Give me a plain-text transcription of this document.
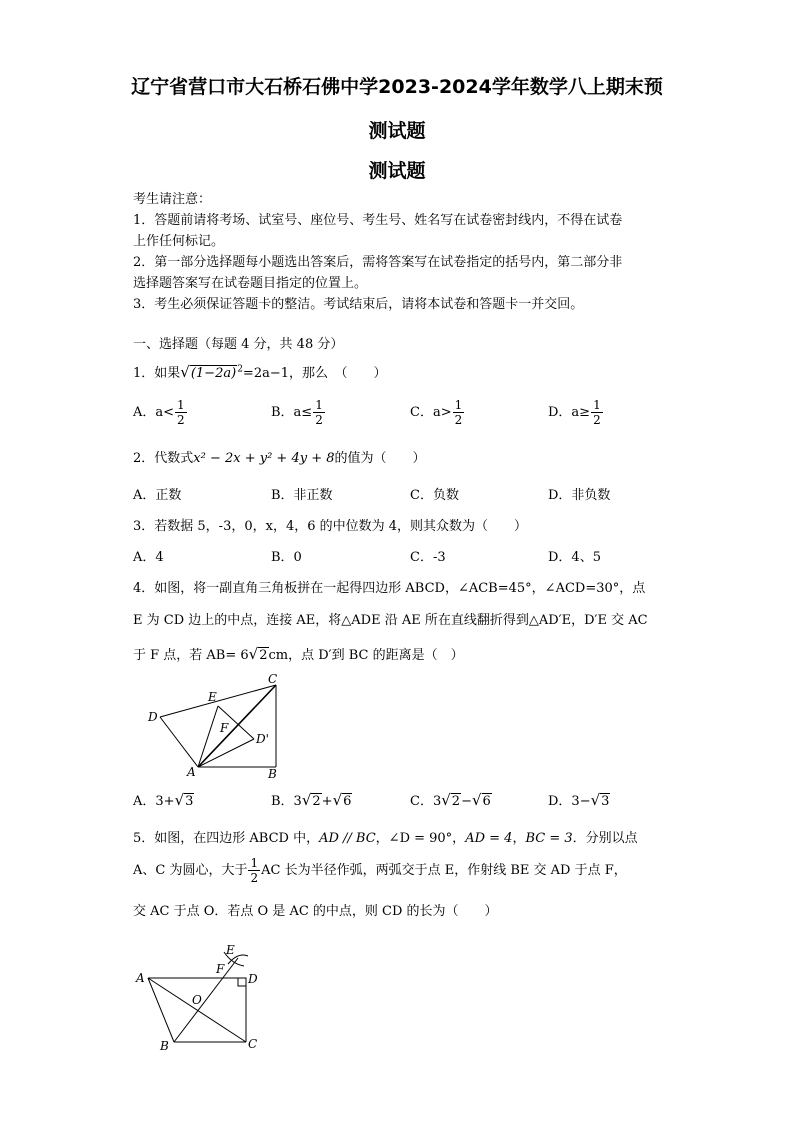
辽宁省营口市大石桥石佛中学2023-2024学年数学八上期末预
测试题
测试题
考生请注意：
1．答题前请将考场、试室号、座位号、考生号、姓名写在试卷密封线内，不得在试卷
上作任何标记。
2．第一部分选择题每小题选出答案后，需将答案写在试卷指定的括号内，第二部分非
选择题答案写在试卷题目指定的位置上。
3．考生必须保证答题卡的整洁。考试结束后，请将本试卷和答题卡一并交回。
一、选择题（每题 4 分，共 48 分）
1．如果$√(1-2a)^2=2a-1$，那么　（　　）
A．$a< \frac{1}{2}$	B．$a\le \frac{1}{2}$	C．$a> \frac{1}{2}$	D．$a\ge \frac{1}{2}$
2．代数式x² − 2x + y² + 4y + 8的值为（　　）
A．正数	B．非正数	C．负数	D．非负数
3．若数据 5，-3，0，x，4，6 的中位数为 4，则其众数为（　　）
A．4	B．0	C．-3	D．4、5
4．如图，将一副直角三角板拼在一起得四边形 ABCD，∠ACB=45°，∠ACD=30°，点
E 为 CD 边上的中点，连接 AE，将△ADE 沿 AE 所在直线翻折得到△AD′E，D′E 交 AC
于 F 点，若 AB= 6√2cm，点 D′到 BC 的距离是（　）
C
E
D
F
D'
A	B
A．3+√3	B．3√2+√6	C．3√2−√6	D．3−√3
5．如图，在四边形 ABCD 中，AD // BC，∠D = 90°，AD = 4，BC = 3．分别以点
A、C 为圆心，大于 $\frac{1}{2}$ AC 长为半径作弧，两弧交于点 E，作射线 BE 交 AD 于点 F，
交 AC 于点 O．若点 O 是 AC 的中点，则 CD 的长为（　　）
E
F
D
A
O
B	C
